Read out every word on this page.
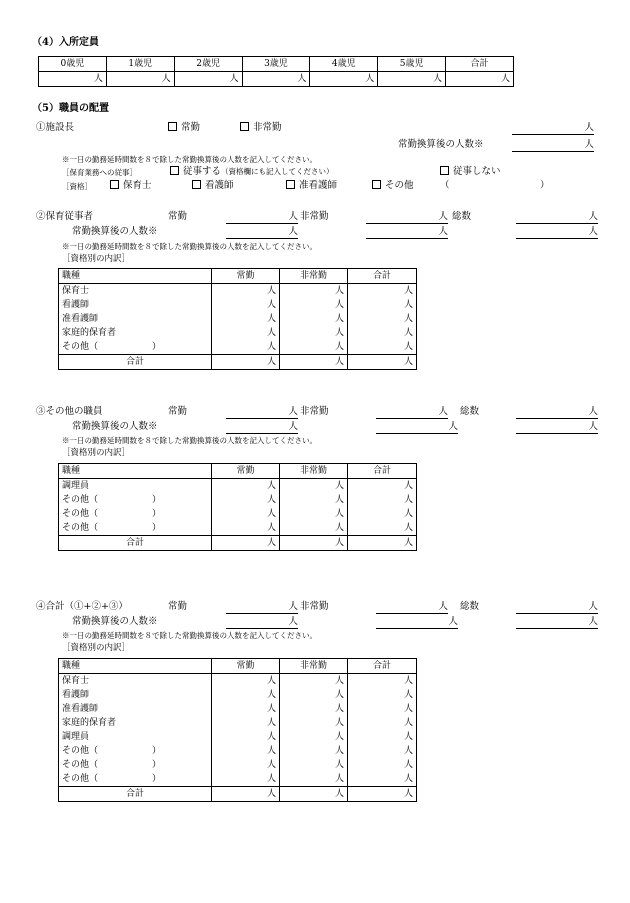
（4）入所定員
0歳児	1歳児	2歳児	3歳児	4歳児	5歳児	合計
人	人	人	人	人	人	人
（5）職員の配置
①施設長	常勤	非常勤	人
常勤換算後の人数※	人
※一日の勤務延時間数を８で除した常勤換算後の人数を記入してください。
［保育業務への従事］	従事する（資格欄にも記入してください）	従事しない
［資格］	保育士	看護師	准看護師	その他	（	）
②保育従事者	常勤	人 非常勤	人 総数	人
常勤換算後の人数※	人	人	人
※一日の勤務延時間数を８で除した常勤換算後の人数を記入してください。
［資格別の内訳］
職種	常勤	非常勤	合計
保育士	人	人	人
看護師	人	人	人
准看護師	人	人	人
家庭的保育者	人	人	人
その他（　　　　　　）	人	人	人
合計	人	人	人
③その他の職員	常勤	人 非常勤	人 総数	人
常勤換算後の人数※	人	人	人
※一日の勤務延時間数を８で除した常勤換算後の人数を記入してください。
［資格別の内訳］
職種	常勤	非常勤	合計
調理員	人	人	人
その他（　　　　　　）	人	人	人
その他（　　　　　　）	人	人	人
その他（　　　　　　）	人	人	人
合計	人	人	人
④合計（①+②+③）	常勤	人 非常勤	人 総数	人
常勤換算後の人数※	人	人	人
※一日の勤務延時間数を８で除した常勤換算後の人数を記入してください。
［資格別の内訳］
職種	常勤	非常勤	合計
保育士	人	人	人
看護師	人	人	人
准看護師	人	人	人
家庭的保育者	人	人	人
調理員	人	人	人
その他（　　　　　　）	人	人	人
その他（　　　　　　）	人	人	人
その他（　　　　　　）	人	人	人
合計	人	人	人
